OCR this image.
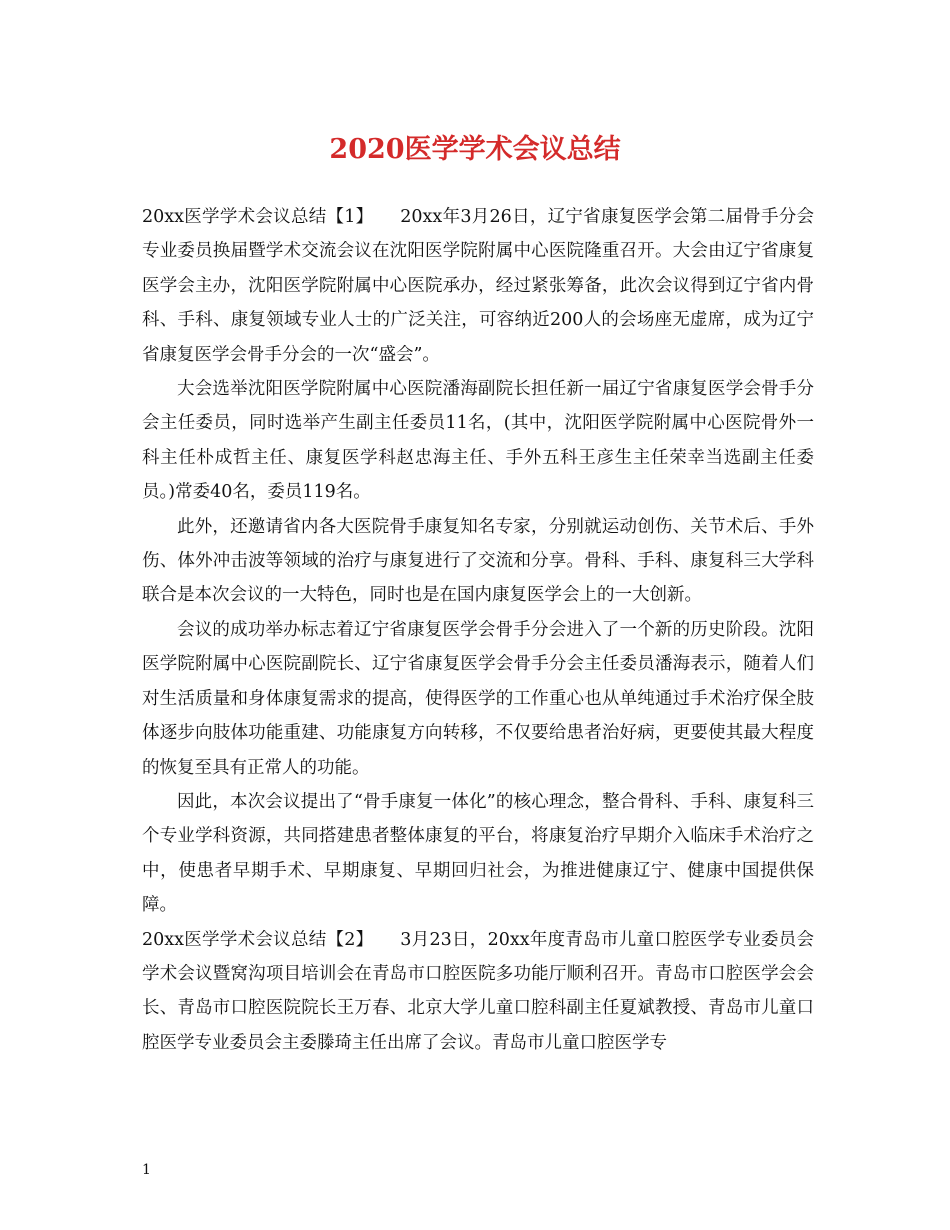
2020医学学术会议总结

20xx医学学术会议总结【1】　　 20xx年3月26日，辽宁省康复医学会第二届骨手分会专业委员换届暨学术交流会议在沈阳医学院附属中心医院隆重召开。大会由辽宁省康复医学会主办，沈阳医学院附属中心医院承办，经过紧张筹备，此次会议得到辽宁省内骨科、手科、康复领域专业人士的广泛关注，可容纳近200人的会场座无虚席，成为辽宁省康复医学会骨手分会的一次“盛会”。

大会选举沈阳医学院附属中心医院潘海副院长担任新一届辽宁省康复医学会骨手分会主任委员，同时选举产生副主任委员11名，(其中，沈阳医学院附属中心医院骨外一科主任朴成哲主任、康复医学科赵忠海主任、手外五科王彦生主任荣幸当选副主任委员。)常委40名，委员119名。

此外，还邀请省内各大医院骨手康复知名专家，分别就运动创伤、关节术后、手外伤、体外冲击波等领域的治疗与康复进行了交流和分享。骨科、手科、康复科三大学科联合是本次会议的一大特色，同时也是在国内康复医学会上的一大创新。

会议的成功举办标志着辽宁省康复医学会骨手分会进入了一个新的历史阶段。沈阳医学院附属中心医院副院长、辽宁省康复医学会骨手分会主任委员潘海表示，随着人们对生活质量和身体康复需求的提高，使得医学的工作重心也从单纯通过手术治疗保全肢体逐步向肢体功能重建、功能康复方向转移，不仅要给患者治好病，更要使其最大程度的恢复至具有正常人的功能。

因此，本次会议提出了“骨手康复一体化”的核心理念，整合骨科、手科、康复科三个专业学科资源，共同搭建患者整体康复的平台，将康复治疗早期介入临床手术治疗之中，使患者早期手术、早期康复、早期回归社会，为推进健康辽宁、健康中国提供保障。

20xx医学学术会议总结【2】　　 3月23日，20xx年度青岛市儿童口腔医学专业委员会学术会议暨窝沟项目培训会在青岛市口腔医院多功能厅顺利召开。青岛市口腔医学会会长、青岛市口腔医院院长王万春、北京大学儿童口腔科副主任夏斌教授、青岛市儿童口腔医学专业委员会主委滕琦主任出席了会议。青岛市儿童口腔医学专

1
